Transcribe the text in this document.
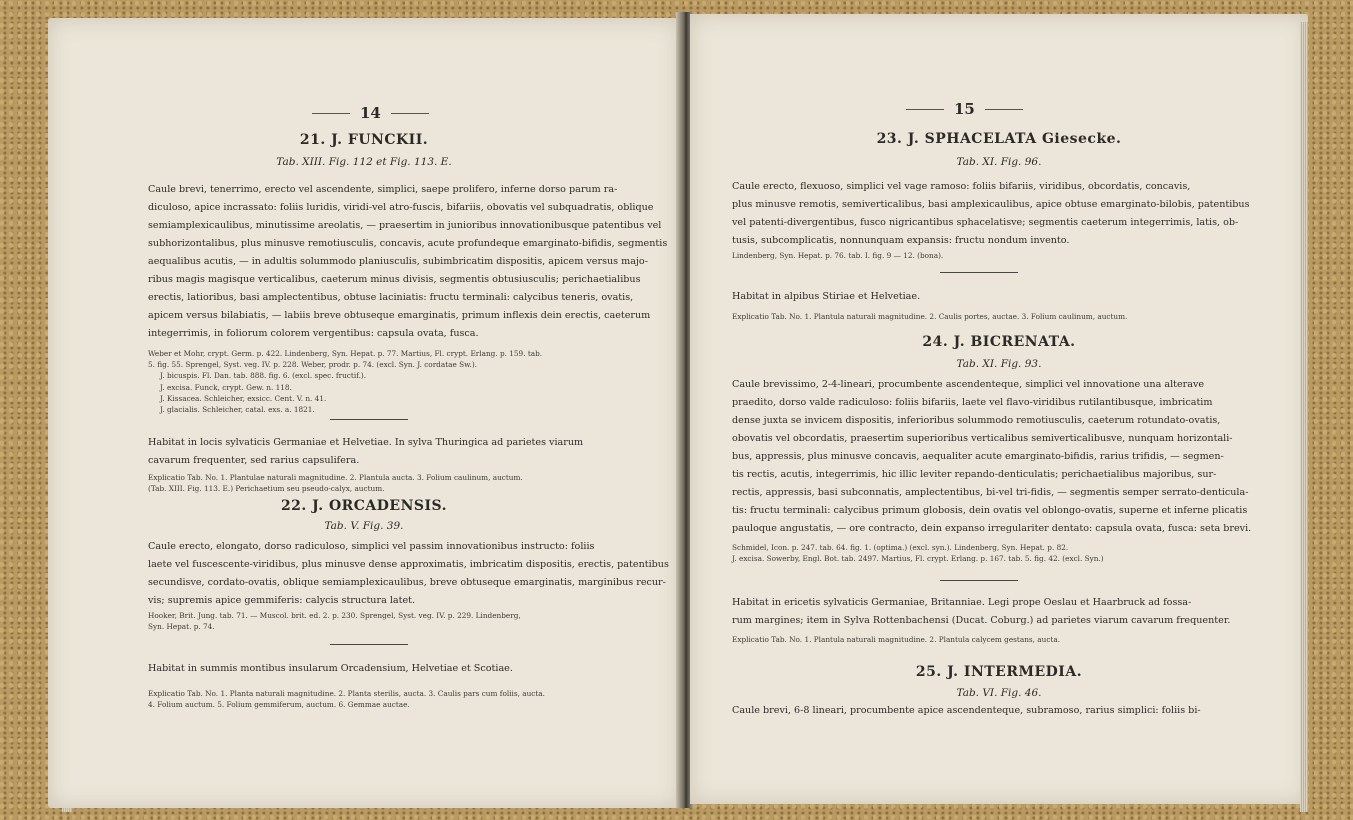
14
21. J. FUNCKII.
Tab. XIII. Fig. 112 et Fig. 113. E.
Caule brevi, tenerrimo, erecto vel ascendente, simplici, saepe prolifero, inferne dorso parum ra-
diculoso, apice incrassato: foliis luridis, viridi-vel atro-fuscis, bifariis, obovatis vel subquadratis, oblique
semiamplexicaulibus, minutissime areolatis, — praesertim in junioribus innovationibusque patentibus vel
subhorizontalibus, plus minusve remotiusculis, concavis, acute profundeque emarginato-bifidis, segmentis
aequalibus acutis, — in adultis solummodo planiusculis, subimbricatim dispositis, apicem versus majo-
ribus magis magisque verticalibus, caeterum minus divisis, segmentis obtusiusculis; perichaetialibus
erectis, latioribus, basi amplectentibus, obtuse laciniatis: fructu terminali: calycibus teneris, ovatis,
apicem versus bilabiatis, — labiis breve obtuseque emarginatis, primum inflexis dein erectis, caeterum
integerrimis, in foliorum colorem vergentibus: capsula ovata, fusca.
Weber et Mohr, crypt. Germ. p. 422. Lindenberg, Syn. Hepat. p. 77. Martius, Fl. crypt. Erlang. p. 159. tab.
5. fig. 55. Sprengel, Syst. veg. IV. p. 228. Weber, prodr. p. 74. (excl. Syn. J. cordatae Sw.).
J. bicuspis. Fl. Dan. tab. 888. fig. 6. (excl. spec. fructif.).
J. excisa. Funck, crypt. Gew. n. 118.
J. Kissacea. Schleicher, exsicc. Cent. V. n. 41.
J. glacialis. Schleicher, catal. exs. a. 1821.
Habitat in locis sylvaticis Germaniae et Helvetiae. In sylva Thuringica ad parietes viarum
cavarum frequenter, sed rarius capsulifera.
Explicatio Tab. No. 1. Plantulae naturali magnitudine. 2. Plantula aucta. 3. Folium caulinum, auctum.
(Tab. XIII. Fig. 113. E.) Perichaetium seu pseudo-calyx, auctum.
22. J. ORCADENSIS.
Tab. V. Fig. 39.
Caule erecto, elongato, dorso radiculoso, simplici vel passim innovationibus instructo: foliis
laete vel fuscescente-viridibus, plus minusve dense approximatis, imbricatim dispositis, erectis, patentibus
secundisve, cordato-ovatis, oblique semiamplexicaulibus, breve obtuseque emarginatis, marginibus recur-
vis; supremis apice gemmiferis: calycis structura latet.
Hooker, Brit. Jung. tab. 71. — Muscol. brit. ed. 2. p. 230. Sprengel, Syst. veg. IV. p. 229. Lindenberg,
Syn. Hepat. p. 74.
Habitat in summis montibus insularum Orcadensium, Helvetiae et Scotiae.
Explicatio Tab. No. 1. Planta naturali magnitudine. 2. Planta sterilis, aucta. 3. Caulis pars cum foliis, aucta.
4. Folium auctum. 5. Folium gemmiferum, auctum. 6. Gemmae auctae.
15
23. J. SPHACELATA Giesecke.
Tab. XI. Fig. 96.
Caule erecto, flexuoso, simplici vel vage ramoso: foliis bifariis, viridibus, obcordatis, concavis,
plus minusve remotis, semiverticalibus, basi amplexicaulibus, apice obtuse emarginato-bilobis, patentibus
vel patenti-divergentibus, fusco nigricantibus sphacelatisve; segmentis caeterum integerrimis, latis, ob-
tusis, subcomplicatis, nonnunquam expansis: fructu nondum invento.
Lindenberg, Syn. Hepat. p. 76. tab. I. fig. 9 — 12. (bona).
Habitat in alpibus Stiriae et Helvetiae.
Explicatio Tab. No. 1. Plantula naturali magnitudine. 2. Caulis portes, auctae. 3. Folium caulinum, auctum.
24. J. BICRENATA.
Tab. XI. Fig. 93.
Caule brevissimo, 2-4-lineari, procumbente ascendenteque, simplici vel innovatione una alterave
praedito, dorso valde radiculoso: foliis bifariis, laete vel flavo-viridibus rutilantibusque, imbricatim
dense juxta se invicem dispositis, inferioribus solummodo remotiusculis, caeterum rotundato-ovatis,
obovatis vel obcordatis, praesertim superioribus verticalibus semiverticalibusve, nunquam horizontali-
bus, appressis, plus minusve concavis, aequaliter acute emarginato-bifidis, rarius trifidis, — segmen-
tis rectis, acutis, integerrimis, hic illic leviter repando-denticulatis; perichaetialibus majoribus, sur-
rectis, appressis, basi subconnatis, amplectentibus, bi-vel tri-fidis, — segmentis semper serrato-denticula-
tis: fructu terminali: calycibus primum globosis, dein ovatis vel oblongo-ovatis, superne et inferne plicatis
pauloque angustatis, — ore contracto, dein expanso irregulariter dentato: capsula ovata, fusca: seta brevi.
Schmidel, Icon. p. 247. tab. 64. fig. 1. (optima.) (excl. syn.). Lindenberg, Syn. Hepat. p. 82.
J. excisa. Sowerby, Engl. Bot. tab. 2497. Martius, Fl. crypt. Erlang. p. 167. tab. 5. fig. 42. (excl. Syn.)
Habitat in ericetis sylvaticis Germaniae, Britanniae. Legi prope Oeslau et Haarbruck ad fossa-
rum margines; item in Sylva Rottenbachensi (Ducat. Coburg.) ad parietes viarum cavarum frequenter.
Explicatio Tab. No. 1. Plantula naturali magnitudine. 2. Plantula calycem gestans, aucta.
25. J. INTERMEDIA.
Tab. VI. Fig. 46.
Caule brevi, 6-8 lineari, procumbente apice ascendenteque, subramoso, rarius simplici: foliis bi-
